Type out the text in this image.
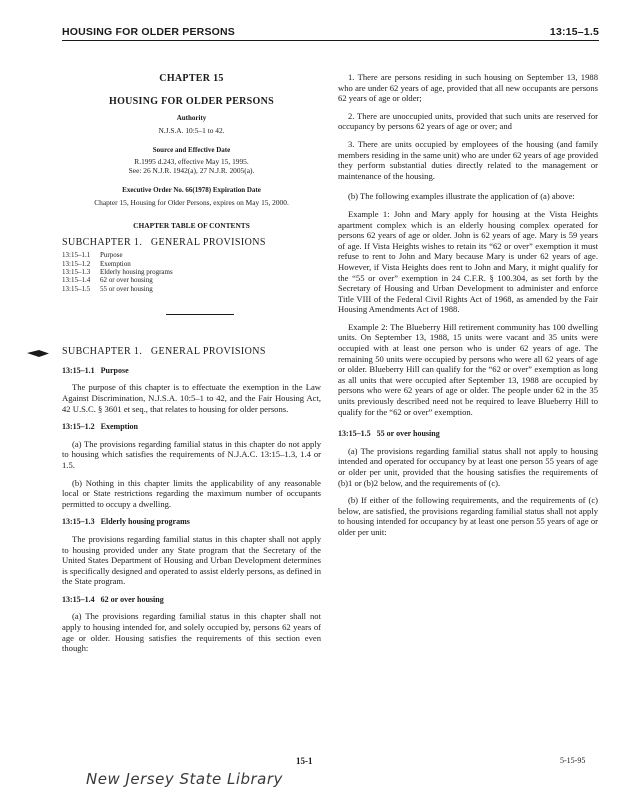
HOUSING FOR OLDER PERSONS	13:15–1.5
CHAPTER 15
HOUSING FOR OLDER PERSONS
Authority
N.J.S.A. 10:5–1 to 42.
Source and Effective Date
R.1995 d.243, effective May 15, 1995.
See: 26 N.J.R. 1942(a), 27 N.J.R. 2005(a).
Executive Order No. 66(1978) Expiration Date
Chapter 15, Housing for Older Persons, expires on May 15, 2000.
CHAPTER TABLE OF CONTENTS
SUBCHAPTER 1.   GENERAL PROVISIONS
13:15–1.1	Purpose
13:15–1.2	Exemption
13:15–1.3	Elderly housing programs
13:15–1.4	62 or over housing
13:15–1.5	55 or over housing
SUBCHAPTER 1.   GENERAL PROVISIONS
13:15–1.1   Purpose

The purpose of this chapter is to effectuate the exemption in the Law Against Discrimination, N.J.S.A. 10:5–1 to 42, and the Fair Housing Act, 42 U.S.C. § 3601 et seq., that relates to housing for older persons.

13:15–1.2   Exemption

(a) The provisions regarding familial status in this chapter do not apply to housing which satisfies the requirements of N.J.A.C. 13:15–1.3, 1.4 or 1.5.

(b) Nothing in this chapter limits the applicability of any reasonable local or State restrictions regarding the maximum number of occupants permitted to occupy a dwelling.

13:15–1.3   Elderly housing programs

The provisions regarding familial status in this chapter shall not apply to housing provided under any State program that the Secretary of the United States Department of Housing and Urban Development determines is specifically designed and operated to assist elderly persons, as defined in the State program.

13:15–1.4   62 or over housing

(a) The provisions regarding familial status in this chapter shall not apply to housing intended for, and solely occupied by, persons 62 years of age or older. Housing satisfies the requirements of this section even though:

1. There are persons residing in such housing on September 13, 1988 who are under 62 years of age, provided that all new occupants are persons 62 years of age or older;

2. There are unoccupied units, provided that such units are reserved for occupancy by persons 62 years of age or over; and

3. There are units occupied by employees of the housing (and family members residing in the same unit) who are under 62 years of age provided they perform substantial duties directly related to the management or maintenance of the housing.

(b) The following examples illustrate the application of (a) above:

Example 1: John and Mary apply for housing at the Vista Heights apartment complex which is an elderly housing complex operated for persons 62 years of age or older. John is 62 years of age. Mary is 59 years of age. If Vista Heights wishes to retain its “62 or over” exemption it must refuse to rent to John and Mary because Mary is under 62 years of age. However, if Vista Heights does rent to John and Mary, it might qualify for the “55 or over” exemption in 24 C.F.R. § 100.304, as set forth by the Secretary of Housing and Urban Development to administer and enforce Title VIII of the Federal Civil Rights Act of 1968, as amended by the Fair Housing Amendments Act of 1988.

Example 2: The Blueberry Hill retirement community has 100 dwelling units. On September 13, 1988, 15 units were vacant and 35 units were occupied with at least one person who is under 62 years of age. The remaining 50 units were occupied by persons who were all 62 years of age or older. Blueberry Hill can qualify for the “62 or over” exemption as long as all units that were occupied after September 13, 1988 are occupied by persons who were 62 years of age or older. The people under 62 in the 35 units previously described need not be required to leave Blueberry Hill to qualify for the “62 or over” exemption.

13:15–1.5   55 or over housing

(a) The provisions regarding familial status shall not apply to housing intended and operated for occupancy by at least one person 55 years of age or older per unit, provided that the housing satisfies the requirements of (b)1 or (b)2 below, and the requirements of (c).

(b) If either of the following requirements, and the requirements of (c) below, are satisfied, the provisions regarding familial status shall not apply to housing intended for occupancy by at least one person 55 years of age or older per unit:

15-1	5-15-95
New Jersey State Library
